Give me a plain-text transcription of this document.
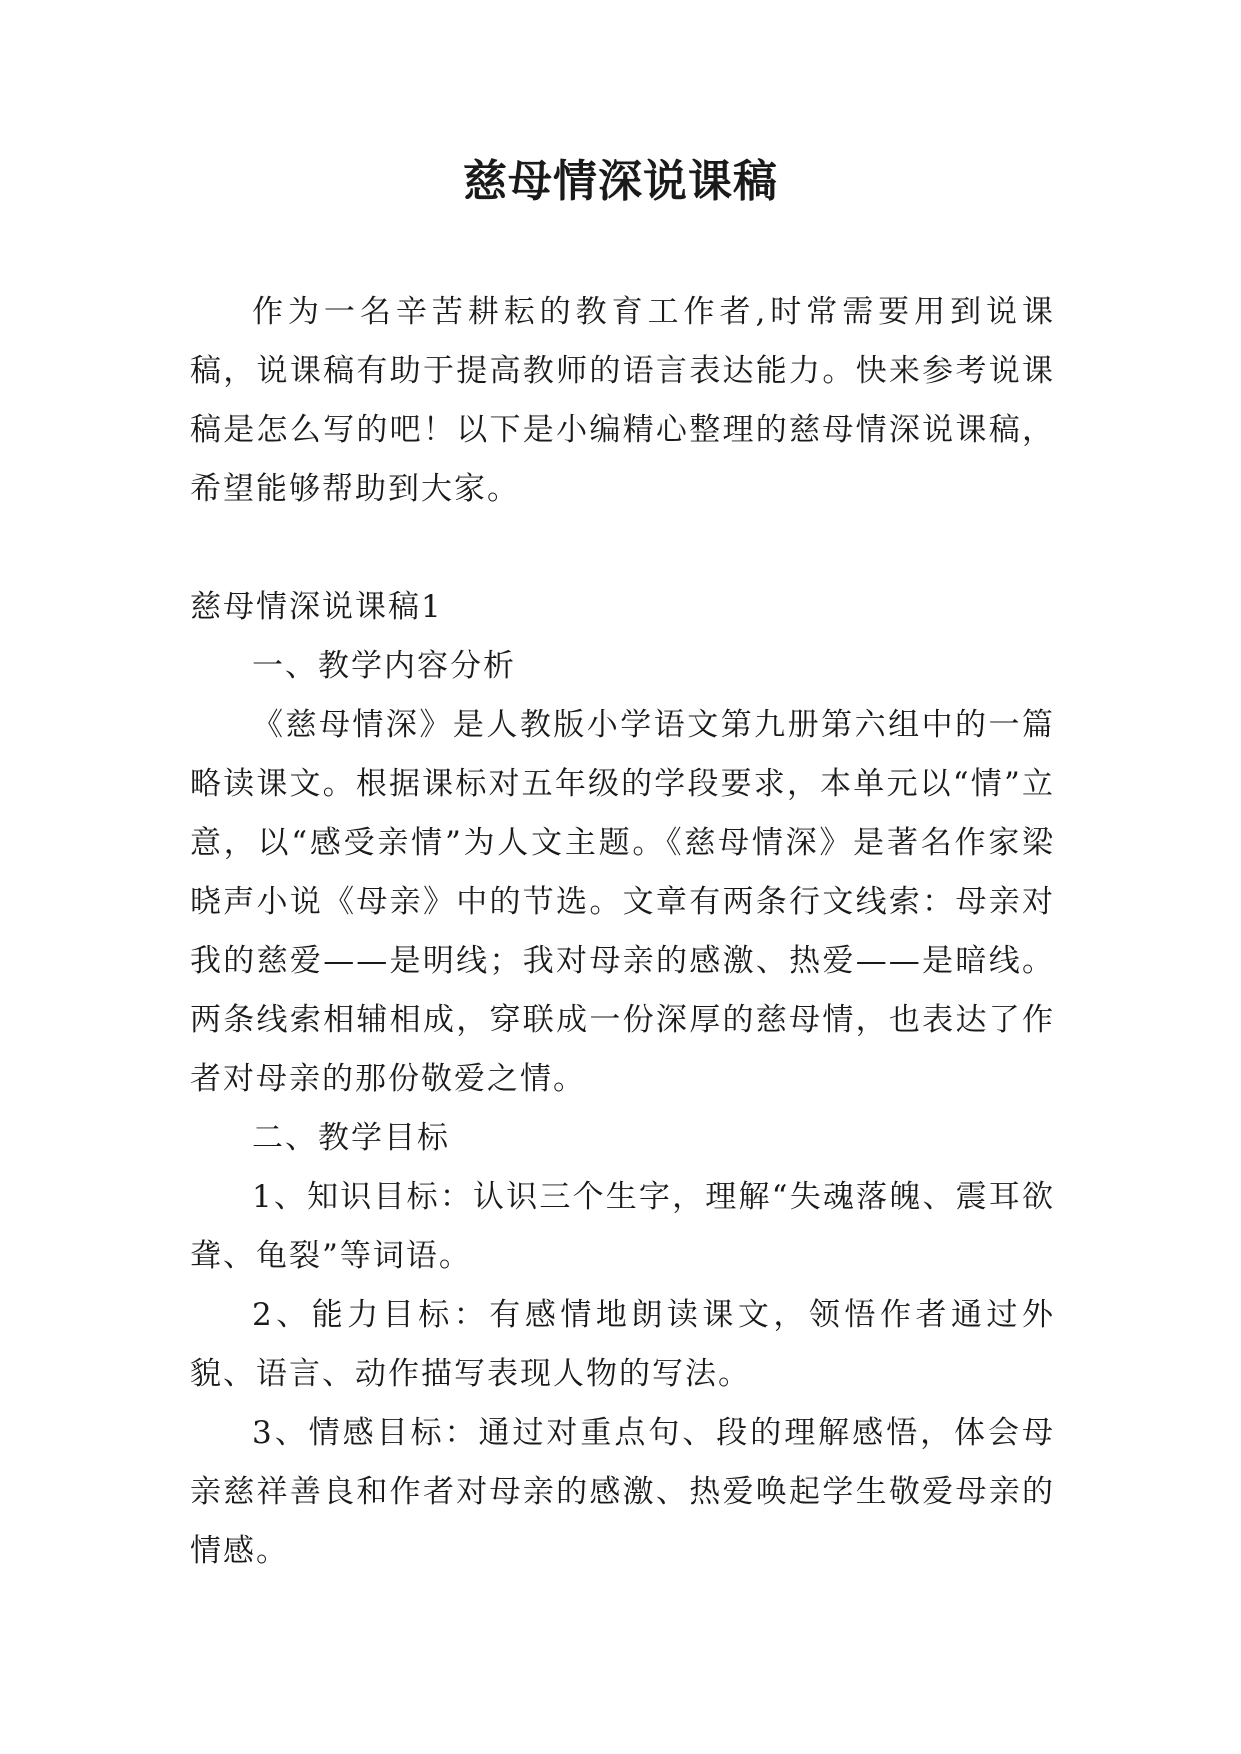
慈母情深说课稿

作为一名辛苦耕耘的教育工作者,时常需要用到说课稿，说课稿有助于提高教师的语言表达能力。快来参考说课稿是怎么写的吧！以下是小编精心整理的慈母情深说课稿，希望能够帮助到大家。

慈母情深说课稿1

一、教学内容分析

《慈母情深》是人教版小学语文第九册第六组中的一篇略读课文。根据课标对五年级的学段要求，本单元以“情”立意，以“感受亲情”为人文主题。《慈母情深》是著名作家梁晓声小说《母亲》中的节选。文章有两条行文线索：母亲对我的慈爱——是明线；我对母亲的感激、热爱——是暗线。两条线索相辅相成，穿联成一份深厚的慈母情，也表达了作者对母亲的那份敬爱之情。

二、教学目标

1、知识目标：认识三个生字，理解“失魂落魄、震耳欲聋、龟裂”等词语。

2、能力目标：有感情地朗读课文，领悟作者通过外貌、语言、动作描写表现人物的写法。

3、情感目标：通过对重点句、段的理解感悟，体会母亲慈祥善良和作者对母亲的感激、热爱唤起学生敬爱母亲的情感。
